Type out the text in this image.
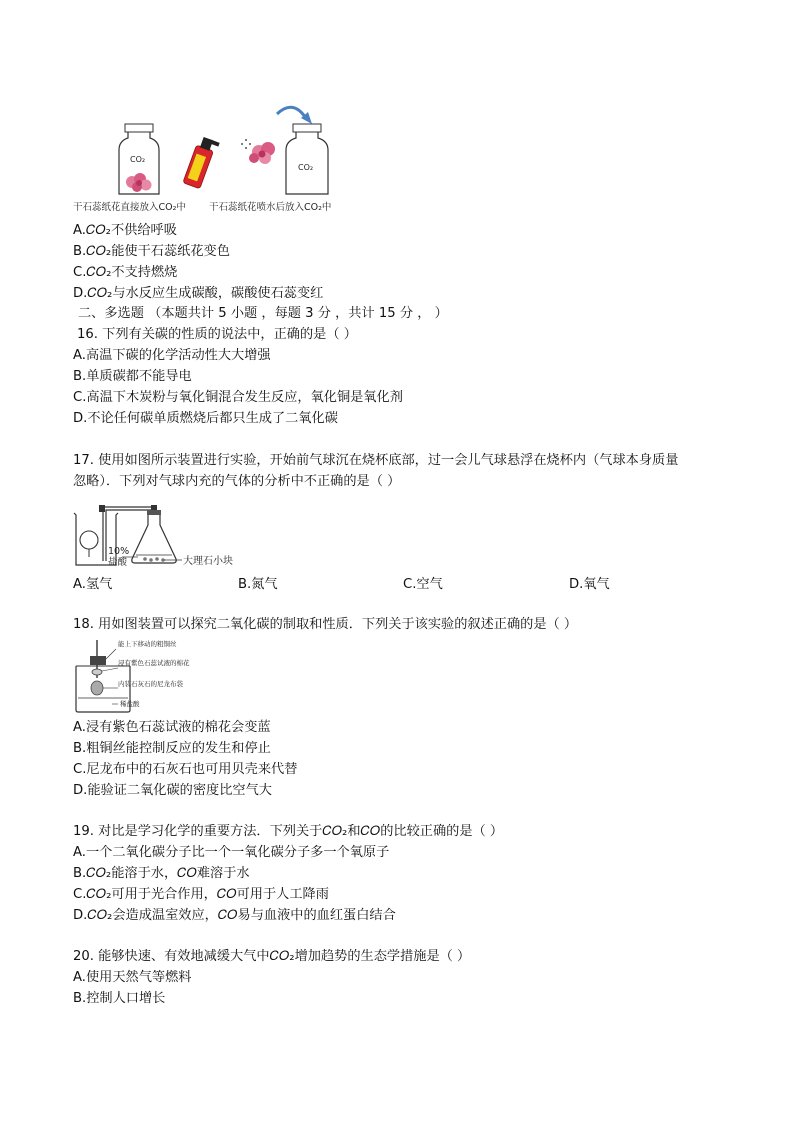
CO₂
CO₂
干石蕊纸花直接放入CO₂中 干石蕊纸花喷水后放入CO₂中
A.𝐶𝑂₂不供给呼吸
B.𝐶𝑂₂能使干石蕊纸花变色
C.𝐶𝑂₂不支持燃烧
D.𝐶𝑂₂与水反应生成碳酸，碳酸使石蕊变红
二、多选题 （本题共计 5 小题 ，每题 3 分 ，共计 15 分 ， ）
16. 下列有关碳的性质的说法中，正确的是（ ）
A.高温下碳的化学活动性大大增强
B.单质碳都不能导电
C.高温下木炭粉与氧化铜混合发生反应，氧化铜是氧化剂
D.不论任何碳单质燃烧后都只生成了二氧化碳
17. 使用如图所示装置进行实验，开始前气球沉在烧杯底部，过一会儿气球悬浮在烧杯内（气球本身质量
忽略）．下列对气球内充的气体的分析中不正确的是（ ）
10%
盐酸	大理石小块
A.氢气	B.氮气	C.空气	D.氧气
18. 用如图装置可以探究二氧化碳的制取和性质．下列关于该实验的叙述正确的是（ ）
能上下移动的粗铜丝
浸有紫色石蕊试液的棉花
内装石灰石的尼龙布袋
稀盐酸
A.浸有紫色石蕊试液的棉花会变蓝
B.粗铜丝能控制反应的发生和停止
C.尼龙布中的石灰石也可用贝壳来代替
D.能验证二氧化碳的密度比空气大
19. 对比是学习化学的重要方法．下列关于𝐶𝑂₂和𝐶𝑂的比较正确的是（ ）
A.一个二氧化碳分子比一个一氧化碳分子多一个氧原子
B.𝐶𝑂₂能溶于水，𝐶𝑂难溶于水
C.𝐶𝑂₂可用于光合作用，𝐶𝑂可用于人工降雨
D.𝐶𝑂₂会造成温室效应，𝐶𝑂易与血液中的血红蛋白结合
20. 能够快速、有效地减缓大气中𝐶𝑂₂增加趋势的生态学措施是（ ）
A.使用天然气等燃料
B.控制人口增长
